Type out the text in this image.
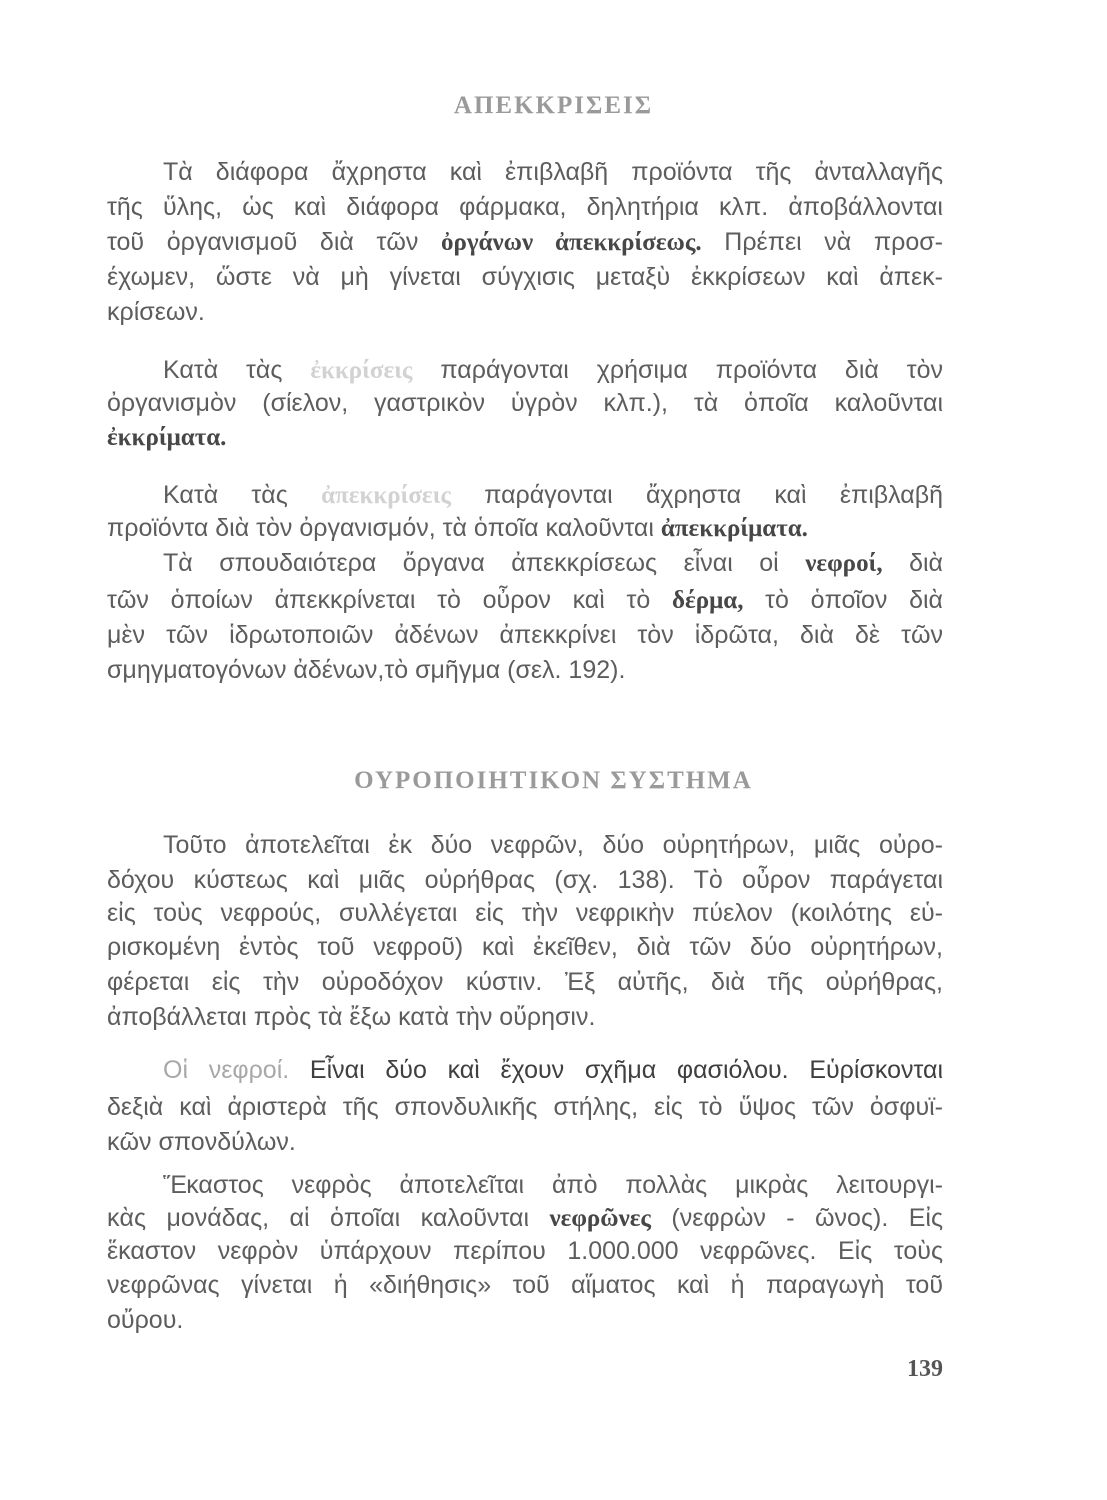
ΑΠΕΚΚΡΙΣΕΙΣ
ΟΥΡΟΠΟΙΗΤΙΚΟΝ ΣΥΣΤΗΜΑ
Τὰ διάφορα ἄχρηστα καὶ ἐπιβλαβῆ προϊόντα τῆς ἀνταλλαγῆς
τῆς ὕλης, ὡς καὶ διάφορα φάρμακα, δηλητήρια κλπ. ἀποβάλλονται
τοῦ ὀργανισμοῦ διὰ τῶν ὀργάνων ἀπεκκρίσεως. Πρέπει νὰ προσ-
έχωμεν, ὥστε νὰ μὴ γίνεται σύγχισις μεταξὺ ἐκκρίσεων καὶ ἀπεκ-
κρίσεων.
Κατὰ τὰς ἐκκρίσεις παράγονται χρήσιμα προϊόντα διὰ τὸν
ὀργανισμὸν (σίελον, γαστρικὸν ὑγρὸν κλπ.), τὰ ὁποῖα καλοῦνται
ἐκκρίματα.
Κατὰ τὰς ἀπεκκρίσεις παράγονται ἄχρηστα καὶ ἐπιβλαβῆ
προϊόντα διὰ τὸν ὀργανισμόν, τὰ ὁποῖα καλοῦνται ἀπεκκρίματα.
Τὰ σπουδαιότερα ὄργανα ἀπεκκρίσεως εἶναι οἱ νεφροί, διὰ
τῶν ὁποίων ἀπεκκρίνεται τὸ οὖρον καὶ τὸ δέρμα, τὸ ὁποῖον διὰ
μὲν τῶν ἱδρωτοποιῶν ἀδένων ἀπεκκρίνει τὸν ἱδρῶτα, διὰ δὲ τῶν
σμηγματογόνων ἀδένων,τὸ σμῆγμα (σελ. 192).
Τοῦτο ἀποτελεῖται ἐκ δύο νεφρῶν, δύο οὐρητήρων, μιᾶς οὐρο-
δόχου κύστεως καὶ μιᾶς οὐρήθρας (σχ. 138). Τὸ οὖρον παράγεται
εἰς τοὺς νεφρούς, συλλέγεται εἰς τὴν νεφρικὴν πύελον (κοιλότης εὑ-
ρισκομένη ἐντὸς τοῦ νεφροῦ) καὶ ἐκεῖθεν, διὰ τῶν δύο οὐρητήρων,
φέρεται εἰς τὴν οὐροδόχον κύστιν. Ἐξ αὐτῆς, διὰ τῆς οὐρήθρας,
ἀποβάλλεται πρὸς τὰ ἔξω κατὰ τὴν οὔρησιν.
Οἱ νεφροί. Εἶναι δύο καὶ ἔχουν σχῆμα φασιόλου. Εὑρίσκονται
δεξιὰ καὶ ἀριστερὰ τῆς σπονδυλικῆς στήλης, εἰς τὸ ὕψος τῶν ὀσφυϊ-
κῶν σπονδύλων.
Ἕκαστος νεφρὸς ἀποτελεῖται ἀπὸ πολλὰς μικρὰς λειτουργι-
κὰς μονάδας, αἱ ὁποῖαι καλοῦνται νεφρῶνες (νεφρὼν - ῶνος). Εἰς
ἕκαστον νεφρὸν ὑπάρχουν περίπου 1.000.000 νεφρῶνες. Εἰς τοὺς
νεφρῶνας γίνεται ἡ «διήθησις» τοῦ αἵματος καὶ ἡ παραγωγὴ τοῦ
οὔρου.
139
